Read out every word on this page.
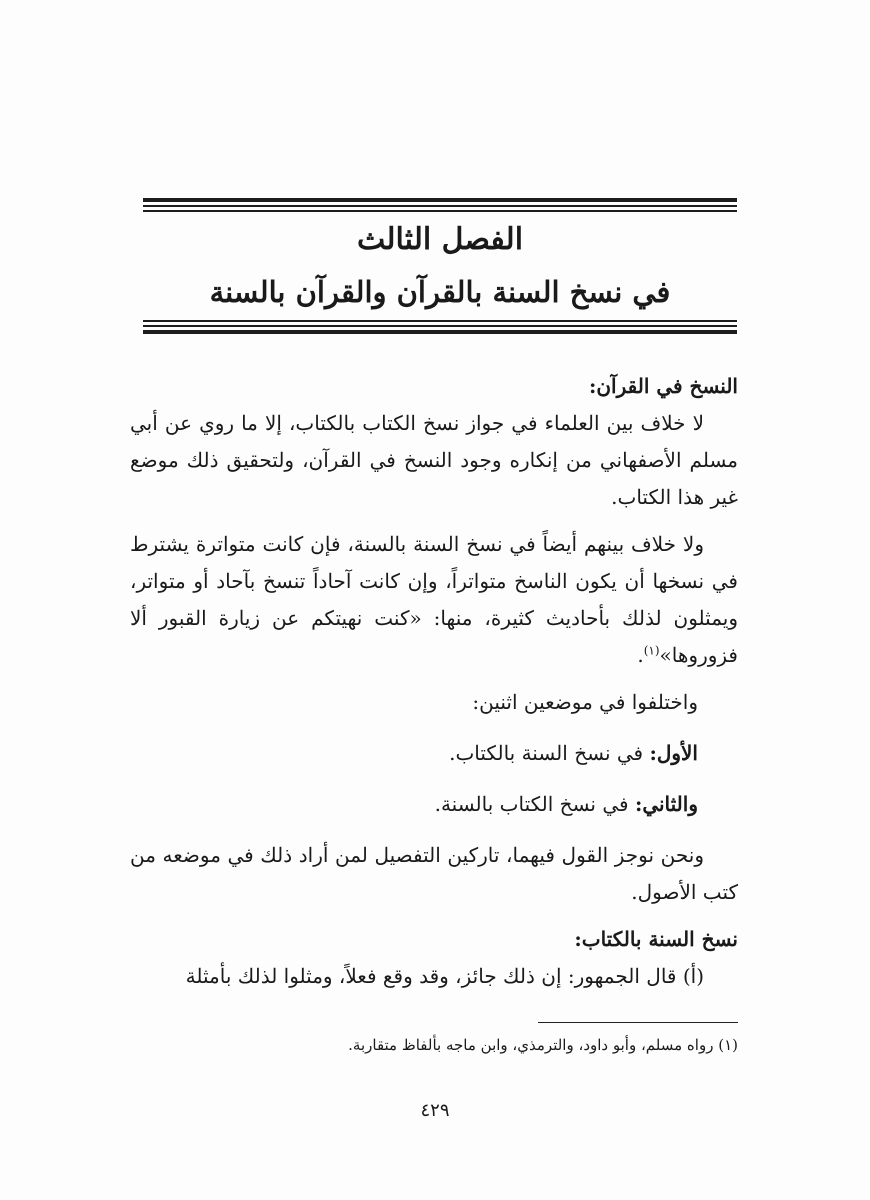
الفصل الثالث
في نسخ السنة بالقرآن والقرآن بالسنة

النسخ في القرآن:

لا خلاف بين العلماء في جواز نسخ الكتاب بالكتاب، إلا ما روي عن أبي مسلم الأصفهاني من إنكاره وجود النسخ في القرآن، ولتحقيق ذلك موضع غير هذا الكتاب.

ولا خلاف بينهم أيضاً في نسخ السنة بالسنة، فإن كانت متواترة يشترط في نسخها أن يكون الناسخ متواتراً، وإن كانت آحاداً تنسخ بآحاد أو متواتر، ويمثلون لذلك بأحاديث كثيرة، منها: «كنت نهيتكم عن زيارة القبور ألا فزوروها»$^{(١)}$.

واختلفوا في موضعين اثنين:

الأول: في نسخ السنة بالكتاب.

والثاني: في نسخ الكتاب بالسنة.

ونحن نوجز القول فيهما، تاركين التفصيل لمن أراد ذلك في موضعه من كتب الأصول.

نسخ السنة بالكتاب:

(أ) قال الجمهور: إن ذلك جائز، وقد وقع فعلاً، ومثلوا لذلك بأمثلة

(١) رواه مسلم، وأبو داود، والترمذي، وابن ماجه بألفاظ متقاربة.
٤٢٩
